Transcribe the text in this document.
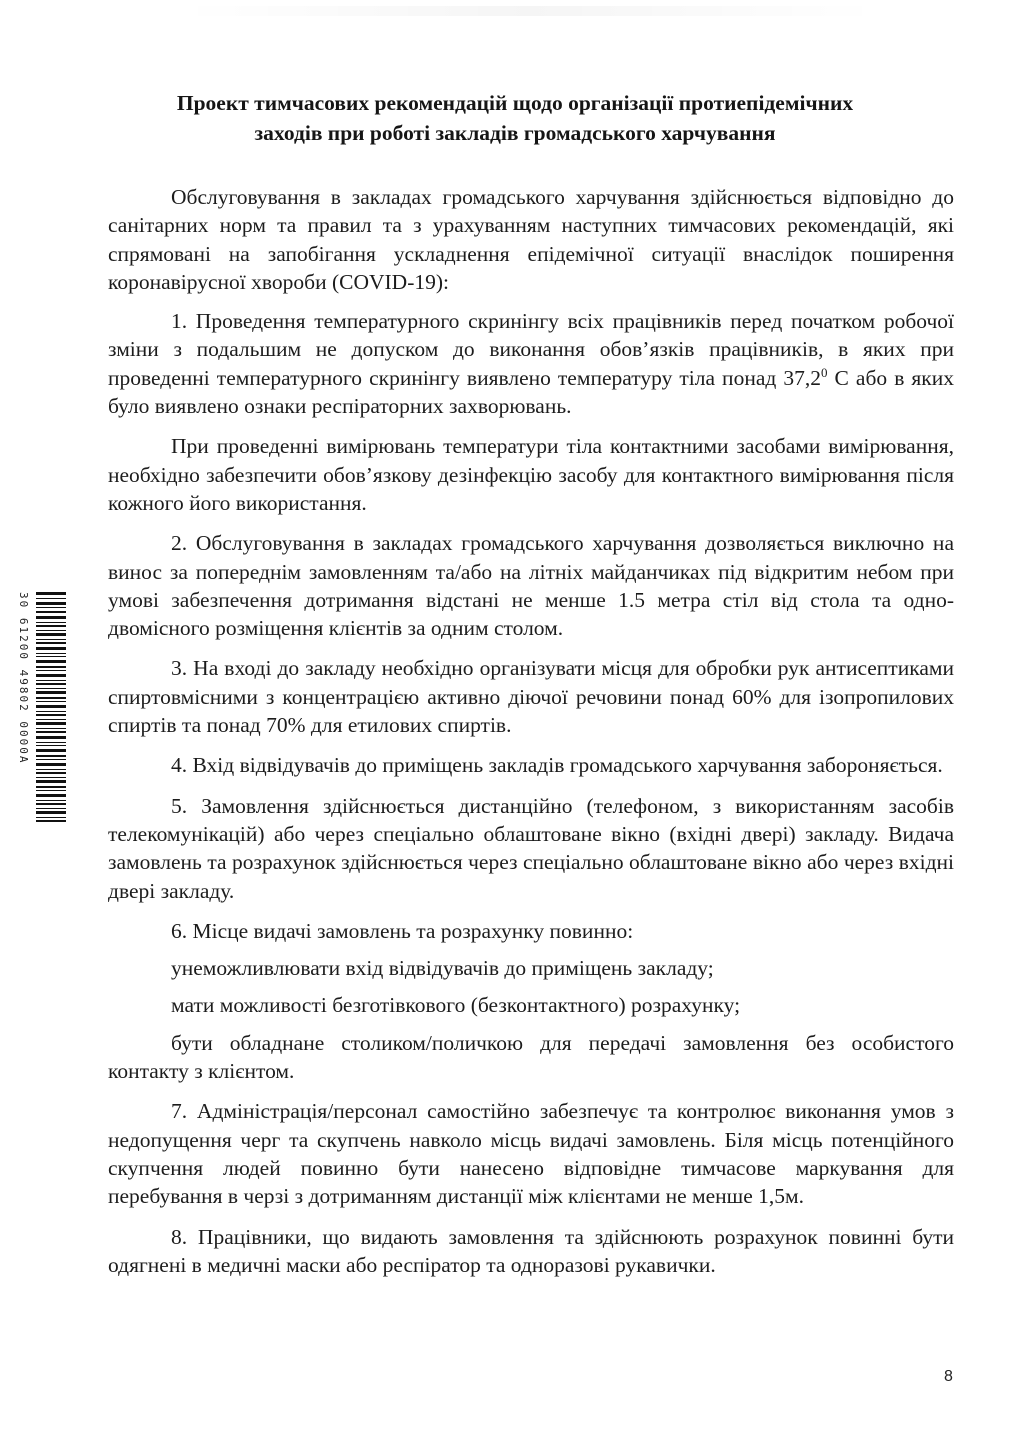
Проект тимчасових рекомендацій щодо організації протиепідемічних
заходів при роботі закладів громадського харчування

Обслуговування в закладах громадського харчування здійснюється відповідно до санітарних норм та правил та з урахуванням наступних тимчасових рекомендацій, які спрямовані на запобігання ускладнення епідемічної ситуації внаслідок поширення коронавірусної хвороби (COVID-19):

1. Проведення температурного скринінгу всіх працівників перед початком робочої зміни з подальшим не допуском до виконання обов’язків працівників, в яких при проведенні температурного скринінгу виявлено температуру тіла понад 37,2$^0$ С або в яких було виявлено ознаки респіраторних захворювань.

При проведенні вимірювань температури тіла контактними засобами вимірювання, необхідно забезпечити обов’язкову дезінфекцію засобу для контактного вимірювання після кожного його використання.

2. Обслуговування в закладах громадського харчування дозволяється виключно на винос за попереднім замовленням та/або на літніх майданчиках під відкритим небом при умові забезпечення дотримання відстані не менше 1.5 метра стіл від стола та одно- двомісного розміщення клієнтів за одним столом.

3. На вході до закладу необхідно організувати місця для обробки рук антисептиками спиртовмісними з концентрацією активно діючої речовини понад 60% для ізопропилових спиртів та понад 70% для етилових спиртів.

4. Вхід відвідувачів до приміщень закладів громадського харчування забороняється.

5. Замовлення здійснюється дистанційно (телефоном, з використанням засобів телекомунікацій) або через спеціально облаштоване вікно (вхідні двері) закладу. Видача замовлень та розрахунок здійснюється через спеціально облаштоване вікно або через вхідні двері закладу.

6. Місце видачі замовлень та розрахунку повинно:

унеможливлювати вхід відвідувачів до приміщень закладу;

мати можливості безготівкового (безконтактного) розрахунку;

бути обладнане столиком/поличкою для передачі замовлення без особистого контакту з клієнтом.

7. Адміністрація/персонал самостійно забезпечує та контролює виконання умов з недопущення черг та скупчень навколо місць видачі замовлень. Біля місць потенційного скупчення людей повинно бути нанесено відповідне тимчасове маркування для перебування в черзі з дотриманням дистанції між клієнтами не менше 1,5м.

8. Працівники, що видають замовлення та здійснюють розрахунок повинні бути одягнені в медичні маски або респіратор та одноразові рукавички.

30 61200 49802 0000A
8
